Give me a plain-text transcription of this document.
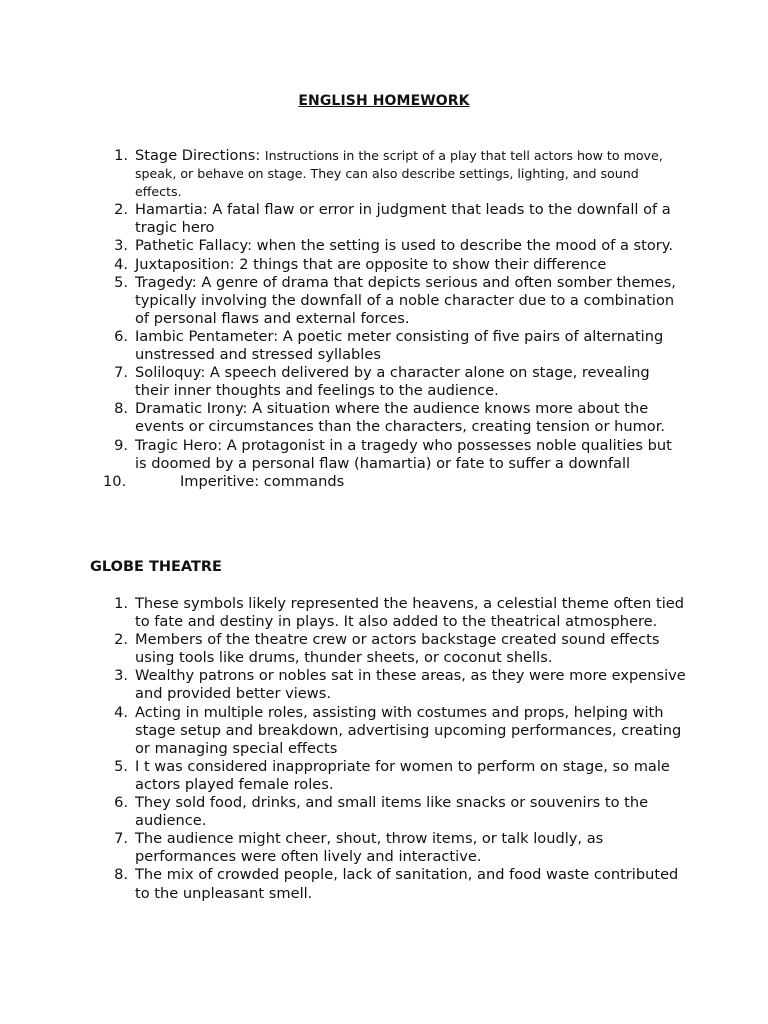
ENGLISH HOMEWORK
1. Stage Directions: Instructions in the script of a play that tell actors how to move, speak, or behave on stage. They can also describe settings, lighting, and sound effects.
2. Hamartia: A fatal flaw or error in judgment that leads to the downfall of a tragic hero
3. Pathetic Fallacy: when the setting is used to describe the mood of a story.
4. Juxtaposition: 2 things that are opposite to show their difference
5. Tragedy: A genre of drama that depicts serious and often somber themes, typically involving the downfall of a noble character due to a combination of personal flaws and external forces.
6. Iambic Pentameter: A poetic meter consisting of five pairs of alternating unstressed and stressed syllables
7. Soliloquy: A speech delivered by a character alone on stage, revealing their inner thoughts and feelings to the audience.
8. Dramatic Irony: A situation where the audience knows more about the events or circumstances than the characters, creating tension or humor.
9. Tragic Hero: A protagonist in a tragedy who possesses noble qualities but is doomed by a personal flaw (hamartia) or fate to suffer a downfall
10.	Imperitive: commands
GLOBE THEATRE
1. These symbols likely represented the heavens, a celestial theme often tied to fate and destiny in plays. It also added to the theatrical atmosphere.
2. Members of the theatre crew or actors backstage created sound effects using tools like drums, thunder sheets, or coconut shells.
3. Wealthy patrons or nobles sat in these areas, as they were more expensive and provided better views.
4. Acting in multiple roles, assisting with costumes and props, helping with stage setup and breakdown, advertising upcoming performances, creating or managing special effects
5. I t was considered inappropriate for women to perform on stage, so male actors played female roles.
6. They sold food, drinks, and small items like snacks or souvenirs to the audience.
7. The audience might cheer, shout, throw items, or talk loudly, as performances were often lively and interactive.
8. The mix of crowded people, lack of sanitation, and food waste contributed to the unpleasant smell.
